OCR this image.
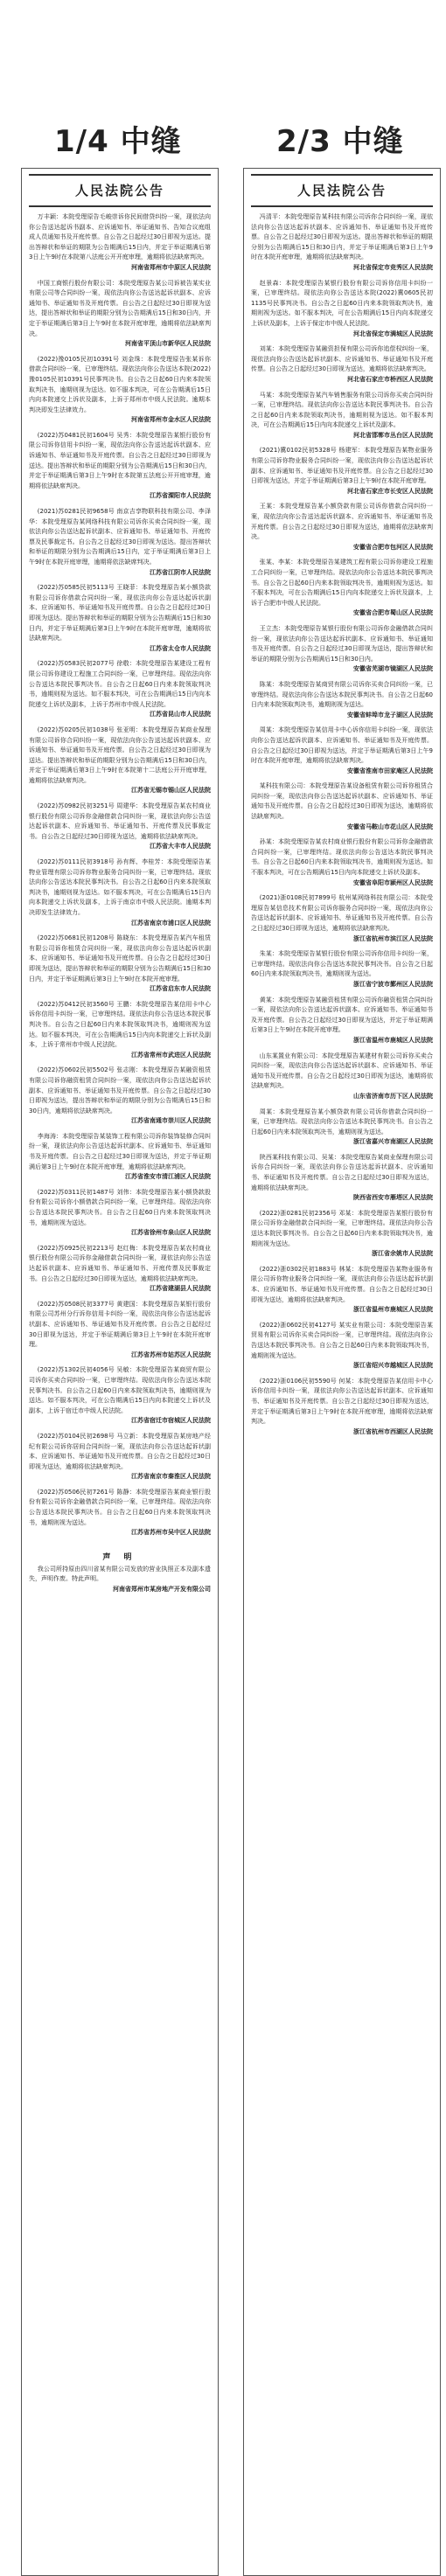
1/4 中缝	2/3 中缝
人民法院公告

万丰颖：本院受理原告毛峻崇诉你民间借贷纠纷一案，现依法向你公告送达起诉书副本、应诉通知书、举证通知书、告知合议庭组成人员通知书及开庭传票。自公告之日起经过30日即视为送达。提出答辩状和举证的期限为公告期满后15日内，并定于举证期满后第3日上午9时在本院第八法庭公开开庭审理，逾期将依法缺席判决。

河南省郑州市中原区人民法院

中国工商银行股份有限公司：本院受理原告某公司诉被告某实业有限公司等合同纠纷一案，现依法向你公告送达起诉状副本、应诉通知书、举证通知书及开庭传票。自公告之日起经过30日即视为送达，提出答辩状和举证的期限分别为公告期满后15日和30日内，并定于举证期满后第3日上午9时在本院开庭审理，逾期将依法缺席判决。

河南省平顶山市新华区人民法院

(2022)豫0105民初10391号 刘金珠：本院受理原告张某诉你借款合同纠纷一案，已审理终结。现依法向你公告送达本院(2022)豫0105民初10391号民事判决书。自公告之日起60日内来本院领取判决书，逾期则视为送达。如不服本判决，可在公告期满后15日内向本院递交上诉状及副本，上诉于郑州市中级人民法院。逾期本判决即发生法律效力。

河南省郑州市金水区人民法院

(2022)苏0481民初1604号 吴秀：本院受理原告某银行股份有限公司诉你信用卡纠纷一案，现依法向你公告送达起诉状副本、应诉通知书、举证通知书及开庭传票。自公告之日起经过30日即视为送达。提出答辩状和举证的期限分别为公告期满后15日和30日内，并定于举证期满后第3日上午9时在本院第五法庭公开开庭审理，逾期将依法缺席判决。

江苏省溧阳市人民法院

(2021)苏0281民初9658号 南京吉享物联科技有限公司、李泽华：本院受理原告某网络科技有限公司诉你买卖合同纠纷一案，现依法向你公告送达起诉状副本、应诉通知书、举证通知书、开庭传票及民事裁定书。自公告之日起经过30日即视为送达。提出答辩状和举证的期限分别为公告期满后15日内，定于举证期满后第3日上午9时在本院开庭审理，逾期将依法缺席判决。

江苏省江阴市人民法院

(2022)苏0585民初5113号 王晓菲：本院受理原告某小额贷款有限公司诉你借款合同纠纷一案，现依法向你公告送达起诉状副本、应诉通知书、举证通知书及开庭传票。自公告之日起经过30日即视为送达。提出答辩状和举证的期限分别为公告期满后15日和30日内，并定于举证期满后第3日上午9时在本院开庭审理，逾期将依法缺席判决。

江苏省太仓市人民法院

(2022)苏0583民初2077号 徐敬：本院受理原告某建设工程有限公司诉你建设工程施工合同纠纷一案，已审理终结。现依法向你公告送达本院民事判决书。自公告之日起60日内来本院领取判决书，逾期则视为送达。如不服本判决，可在公告期满后15日内向本院递交上诉状及副本，上诉于苏州市中级人民法院。

江苏省昆山市人民法院

(2022)苏0205民初1038号 张亚明：本院受理原告某商业保理有限公司诉你合同纠纷一案，现依法向你公告送达起诉状副本、应诉通知书、举证通知书及开庭传票。自公告之日起经过30日即视为送达。提出答辩状和举证的期限分别为公告期满后15日和30日内，并定于举证期满后第3日上午9时在本院第十二法庭公开开庭审理，逾期将依法缺席判决。

江苏省无锡市锡山区人民法院

(2022)苏0982民初3251号 周建华：本院受理原告某农村商业银行股份有限公司诉你金融借款合同纠纷一案，现依法向你公告送达起诉状副本、应诉通知书、举证通知书、开庭传票及民事裁定书。自公告之日起经过30日即视为送达，逾期将依法缺席判决。

江苏省大丰市人民法院

(2022)苏0111民初3918号 孙有辉、李桂芳：本院受理原告某物业管理有限公司诉你物业服务合同纠纷一案，已审理终结。现依法向你公告送达本院民事判决书。自公告之日起60日内来本院领取判决书，逾期则视为送达。如不服本判决，可在公告期满后15日内向本院递交上诉状及副本，上诉于南京市中级人民法院。逾期本判决即发生法律效力。

江苏省南京市浦口区人民法院

(2022)苏0681民初1208号 陈晓东：本院受理原告某汽车租赁有限公司诉你租赁合同纠纷一案，现依法向你公告送达起诉状副本、应诉通知书、举证通知书及开庭传票。自公告之日起经过30日即视为送达，提出答辩状和举证的期限分别为公告期满后15日和30日内，并定于举证期满后第3日上午9时在本院开庭审理。

江苏省启东市人民法院

(2022)苏0412民初3560号 王鹏：本院受理原告某信用卡中心诉你信用卡纠纷一案，已审理终结。现依法向你公告送达本院民事判决书。自公告之日起60日内来本院领取判决书，逾期则视为送达。如不服本判决，可在公告期满后15日内向本院递交上诉状及副本，上诉于常州市中级人民法院。

江苏省常州市武进区人民法院

(2022)苏0602民初5502号 张志刚：本院受理原告某融资租赁有限公司诉你融资租赁合同纠纷一案，现依法向你公告送达起诉状副本、应诉通知书、举证通知书及开庭传票。自公告之日起经过30日即视为送达，提出答辩状和举证的期限分别为公告期满后15日和30日内，逾期将依法缺席判决。

江苏省南通市崇川区人民法院

李海涛：本院受理原告某装饰工程有限公司诉你装饰装修合同纠纷一案，现依法向你公告送达起诉状副本、应诉通知书、举证通知书及开庭传票。自公告之日起经过30日即视为送达，并定于举证期满后第3日上午9时在本院开庭审理，逾期将依法缺席判决。

江苏省淮安市清江浦区人民法院

(2022)苏0311民初1487号 刘伟：本院受理原告某小额贷款股份有限公司诉你小额借款合同纠纷一案，已审理终结。现依法向你公告送达本院民事判决书。自公告之日起60日内来本院领取判决书，逾期则视为送达。

江苏省徐州市泉山区人民法院

(2022)苏0925民初2213号 赵红梅：本院受理原告某农村商业银行股份有限公司诉你金融借款合同纠纷一案，现依法向你公告送达起诉状副本、应诉通知书、举证通知书、开庭传票及民事裁定书。自公告之日起经过30日即视为送达，逾期将依法缺席判决。

江苏省建湖县人民法院

(2022)苏0508民初3377号 黄建国：本院受理原告某银行股份有限公司苏州分行诉你信用卡纠纷一案，现依法向你公告送达起诉状副本、应诉通知书、举证通知书及开庭传票。自公告之日起经过30日即视为送达，并定于举证期满后第3日上午9时在本院开庭审理。

江苏省苏州市姑苏区人民法院

(2022)苏1302民初4056号 吴敏：本院受理原告某商贸有限公司诉你买卖合同纠纷一案，已审理终结。现依法向你公告送达本院民事判决书。自公告之日起60日内来本院领取判决书，逾期则视为送达。如不服本判决，可在公告期满后15日内向本院递交上诉状及副本，上诉于宿迁市中级人民法院。

江苏省宿迁市宿城区人民法院

(2022)苏0104民初2698号 马立新：本院受理原告某房地产经纪有限公司诉你居间合同纠纷一案，现依法向你公告送达起诉状副本、应诉通知书、举证通知书及开庭传票。自公告之日起经过30日即视为送达，逾期将依法缺席判决。

江苏省南京市秦淮区人民法院

(2022)苏0506民初7261号 陈静：本院受理原告某商业银行股份有限公司诉你金融借款合同纠纷一案，已审理终结。现依法向你公告送达本院民事判决书。自公告之日起60日内来本院领取判决书，逾期则视为送达。

江苏省苏州市吴中区人民法院

声 明

我公司所持原由四川省某有限公司发放的营业执照正本及副本遗失，声明作废。特此声明。

河南省郑州市某房地产开发有限公司

人民法院公告

冯清平：本院受理原告某科技有限公司诉你合同纠纷一案，现依法向你公告送达起诉状副本、应诉通知书、举证通知书及开庭传票。自公告之日起经过30日即视为送达。提出答辩状和举证的期限分别为公告期满后15日和30日内，并定于举证期满后第3日上午9时在本院开庭审理，逾期将依法缺席判决。

河北省保定市竞秀区人民法院

赵景森：本院受理原告某银行股份有限公司诉你信用卡纠纷一案，已审理终结。现依法向你公告送达本院(2022)冀0605民初1135号民事判决书。自公告之日起60日内来本院领取判决书，逾期则视为送达。如不服本判决，可在公告期满后15日内向本院递交上诉状及副本，上诉于保定市中级人民法院。

河北省保定市满城区人民法院

刘某：本院受理原告某融资担保有限公司诉你追偿权纠纷一案，现依法向你公告送达起诉状副本、应诉通知书、举证通知书及开庭传票。自公告之日起经过30日即视为送达，逾期将依法缺席判决。

河北省石家庄市桥西区人民法院

马某：本院受理原告某汽车销售服务有限公司诉你买卖合同纠纷一案，已审理终结。现依法向你公告送达本院民事判决书。自公告之日起60日内来本院领取判决书，逾期则视为送达。如不服本判决，可在公告期满后15日内向本院递交上诉状及副本。

河北省邯郸市丛台区人民法院

(2021)冀0102民初5328号 杨建军：本院受理原告某物业服务有限公司诉你物业服务合同纠纷一案，现依法向你公告送达起诉状副本、应诉通知书、举证通知书及开庭传票。自公告之日起经过30日即视为送达，并定于举证期满后第3日上午9时在本院开庭审理。

河北省石家庄市长安区人民法院

王某：本院受理原告某小额贷款有限公司诉你借款合同纠纷一案，现依法向你公告送达起诉状副本、应诉通知书、举证通知书及开庭传票。自公告之日起经过30日即视为送达，逾期将依法缺席判决。

安徽省合肥市包河区人民法院

张某、李某：本院受理原告某建筑工程有限公司诉你建设工程施工合同纠纷一案，已审理终结。现依法向你公告送达本院民事判决书。自公告之日起60日内来本院领取判决书，逾期则视为送达。如不服本判决，可在公告期满后15日内向本院递交上诉状及副本，上诉于合肥市中级人民法院。

安徽省合肥市蜀山区人民法院

王立杰：本院受理原告某银行股份有限公司诉你金融借款合同纠纷一案，现依法向你公告送达起诉状副本、应诉通知书、举证通知书及开庭传票。自公告之日起经过30日即视为送达，提出答辩状和举证的期限分别为公告期满后15日和30日内。

安徽省芜湖市镜湖区人民法院

陈某：本院受理原告某商贸有限公司诉你买卖合同纠纷一案，已审理终结。现依法向你公告送达本院民事判决书。自公告之日起60日内来本院领取判决书，逾期则视为送达。

安徽省蚌埠市龙子湖区人民法院

周某：本院受理原告某信用卡中心诉你信用卡纠纷一案，现依法向你公告送达起诉状副本、应诉通知书、举证通知书及开庭传票。自公告之日起经过30日即视为送达，并定于举证期满后第3日上午9时在本院开庭审理，逾期将依法缺席判决。

安徽省淮南市田家庵区人民法院

某科技有限公司：本院受理原告某设备租赁有限公司诉你租赁合同纠纷一案，现依法向你公告送达起诉状副本、应诉通知书、举证通知书及开庭传票。自公告之日起经过30日即视为送达，逾期将依法缺席判决。

安徽省马鞍山市花山区人民法院

孙某：本院受理原告某农村商业银行股份有限公司诉你金融借款合同纠纷一案，已审理终结。现依法向你公告送达本院民事判决书。自公告之日起60日内来本院领取判决书，逾期则视为送达。如不服本判决，可在公告期满后15日内向本院递交上诉状及副本。

安徽省阜阳市颍州区人民法院

(2021)浙0108民初7899号 杭州某网络科技有限公司：本院受理原告某信息技术有限公司诉你服务合同纠纷一案，现依法向你公告送达起诉状副本、应诉通知书、举证通知书及开庭传票。自公告之日起经过30日即视为送达，逾期将依法缺席判决。

浙江省杭州市滨江区人民法院

朱某：本院受理原告某银行股份有限公司诉你信用卡纠纷一案，已审理终结。现依法向你公告送达本院民事判决书。自公告之日起60日内来本院领取判决书，逾期则视为送达。

浙江省宁波市鄞州区人民法院

黄某：本院受理原告某融资租赁有限公司诉你融资租赁合同纠纷一案，现依法向你公告送达起诉状副本、应诉通知书、举证通知书及开庭传票。自公告之日起经过30日即视为送达，并定于举证期满后第3日上午9时在本院开庭审理。

浙江省温州市鹿城区人民法院

山东某置业有限公司：本院受理原告某建材有限公司诉你买卖合同纠纷一案，现依法向你公告送达起诉状副本、应诉通知书、举证通知书及开庭传票。自公告之日起经过30日即视为送达，逾期将依法缺席判决。

山东省济南市历下区人民法院

周某：本院受理原告某小额贷款有限公司诉你借款合同纠纷一案，已审理终结。现依法向你公告送达本院民事判决书。自公告之日起60日内来本院领取判决书，逾期则视为送达。

浙江省嘉兴市南湖区人民法院

陕西某科技有限公司、吴某：本院受理原告某商业保理有限公司诉你合同纠纷一案，现依法向你公告送达起诉状副本、应诉通知书、举证通知书及开庭传票。自公告之日起经过30日即视为送达，逾期将依法缺席判决。

陕西省西安市雁塔区人民法院

(2022)浙0281民初2356号 邓某：本院受理原告某银行股份有限公司诉你金融借款合同纠纷一案，已审理终结。现依法向你公告送达本院民事判决书。自公告之日起60日内来本院领取判决书，逾期则视为送达。

浙江省余姚市人民法院

(2022)浙0302民初1883号 林某：本院受理原告某物业服务有限公司诉你物业服务合同纠纷一案，现依法向你公告送达起诉状副本、应诉通知书、举证通知书及开庭传票。自公告之日起经过30日即视为送达，逾期将依法缺席判决。

浙江省温州市鹿城区人民法院

(2022)浙0602民初4127号 某实业有限公司：本院受理原告某贸易有限公司诉你买卖合同纠纷一案，已审理终结。现依法向你公告送达本院民事判决书。自公告之日起60日内来本院领取判决书，逾期则视为送达。

浙江省绍兴市越城区人民法院

(2022)浙0106民初5590号 何某：本院受理原告某信用卡中心诉你信用卡纠纷一案，现依法向你公告送达起诉状副本、应诉通知书、举证通知书及开庭传票。自公告之日起经过30日即视为送达，并定于举证期满后第3日上午9时在本院开庭审理，逾期将依法缺席判决。

浙江省杭州市西湖区人民法院
